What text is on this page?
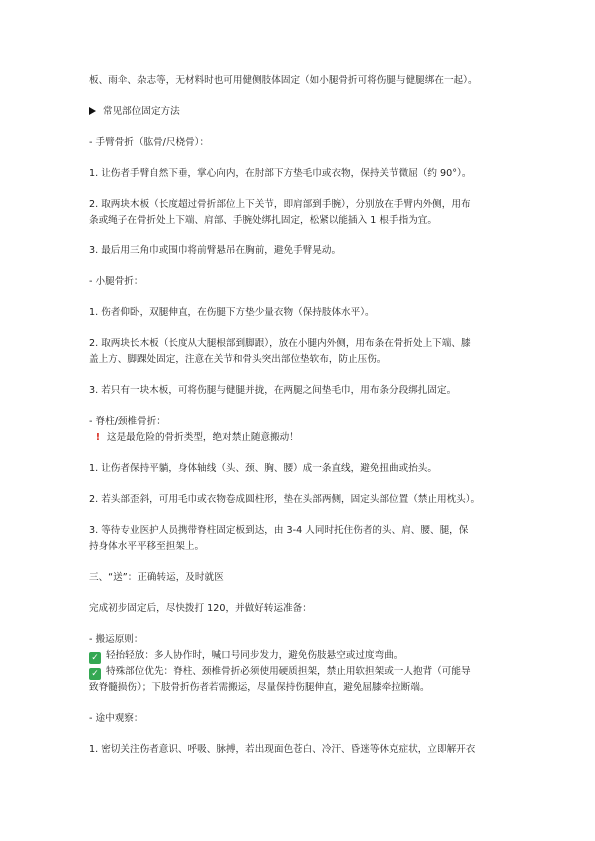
板、雨伞、杂志等，无材料时也可用健侧肢体固定（如小腿骨折可将伤腿与健腿绑在一起）。
常见部位固定方法
- 手臂骨折（肱骨/尺桡骨）：
1. 让伤者手臂自然下垂，掌心向内，在肘部下方垫毛巾或衣物，保持关节微屈（约 90°）。
2. 取两块木板（长度超过骨折部位上下关节，即肩部到手腕），分别放在手臂内外侧，用布
条或绳子在骨折处上下端、肩部、手腕处绑扎固定，松紧以能插入 1 根手指为宜。
3. 最后用三角巾或围巾将前臂悬吊在胸前，避免手臂晃动。
- 小腿骨折：
1. 伤者仰卧，双腿伸直，在伤腿下方垫少量衣物（保持肢体水平）。
2. 取两块长木板（长度从大腿根部到脚跟），放在小腿内外侧，用布条在骨折处上下端、膝
盖上方、脚踝处固定，注意在关节和骨头突出部位垫软布，防止压伤。
3. 若只有一块木板，可将伤腿与健腿并拢，在两腿之间垫毛巾，用布条分段绑扎固定。
- 脊柱/颈椎骨折：
! 这是最危险的骨折类型，绝对禁止随意搬动！
1. 让伤者保持平躺，身体轴线（头、颈、胸、腰）成一条直线，避免扭曲或抬头。
2. 若头部歪斜，可用毛巾或衣物卷成圆柱形，垫在头部两侧，固定头部位置（禁止用枕头）。
3. 等待专业医护人员携带脊柱固定板到达，由 3-4 人同时托住伤者的头、肩、腰、腿，保
持身体水平平移至担架上。
三、“送”：正确转运，及时就医
完成初步固定后，尽快拨打 120，并做好转运准备：
- 搬运原则：
✓ 轻抬轻放：多人协作时，喊口号同步发力，避免伤肢悬空或过度弯曲。
✓ 特殊部位优先：脊柱、颈椎骨折必须使用硬质担架，禁止用软担架或一人抱背（可能导
致脊髓损伤）；下肢骨折伤者若需搬运，尽量保持伤腿伸直，避免屈膝牵拉断端。
- 途中观察：
1. 密切关注伤者意识、呼吸、脉搏，若出现面色苍白、冷汗、昏迷等休克症状，立即解开衣
